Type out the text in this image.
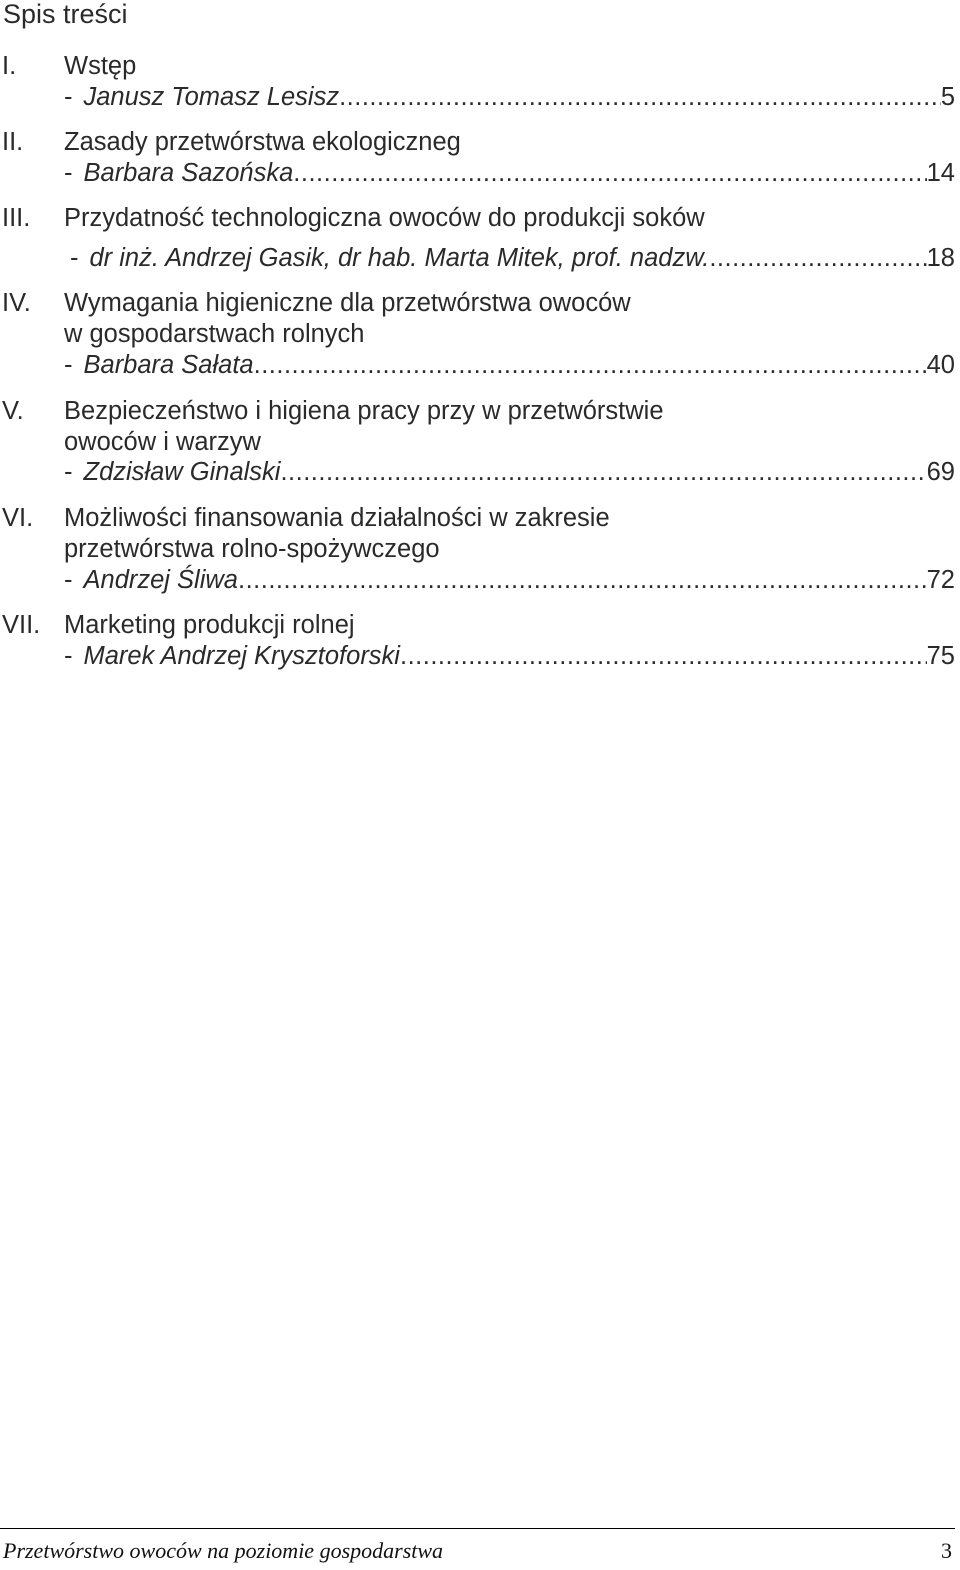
Spis treści
I. Wstęp
- Janusz Tomasz Lesisz .....	5
II. Zasady przetwórstwa ekologiczneg
- Barbara Sazońska .....	14
III. Przydatność technologiczna owoców do produkcji soków
- dr inż. Andrzej Gasik, dr hab. Marta Mitek, prof. nadzw. .....	18
IV. Wymagania higieniczne dla przetwórstwa owoców
w gospodarstwach rolnych
- Barbara Sałata .....	40
V. Bezpieczeństwo i higiena pracy przy w przetwórstwie
owoców i warzyw
- Zdzisław Ginalski .....	69
VI. Możliwości finansowania działalności w zakresie
przetwórstwa rolno-spożywczego
- Andrzej Śliwa .....	72
VII. Marketing produkcji rolnej
- Marek Andrzej Krysztoforski .....	75
Przetwórstwo owoców na poziomie gospodarstwa	3
